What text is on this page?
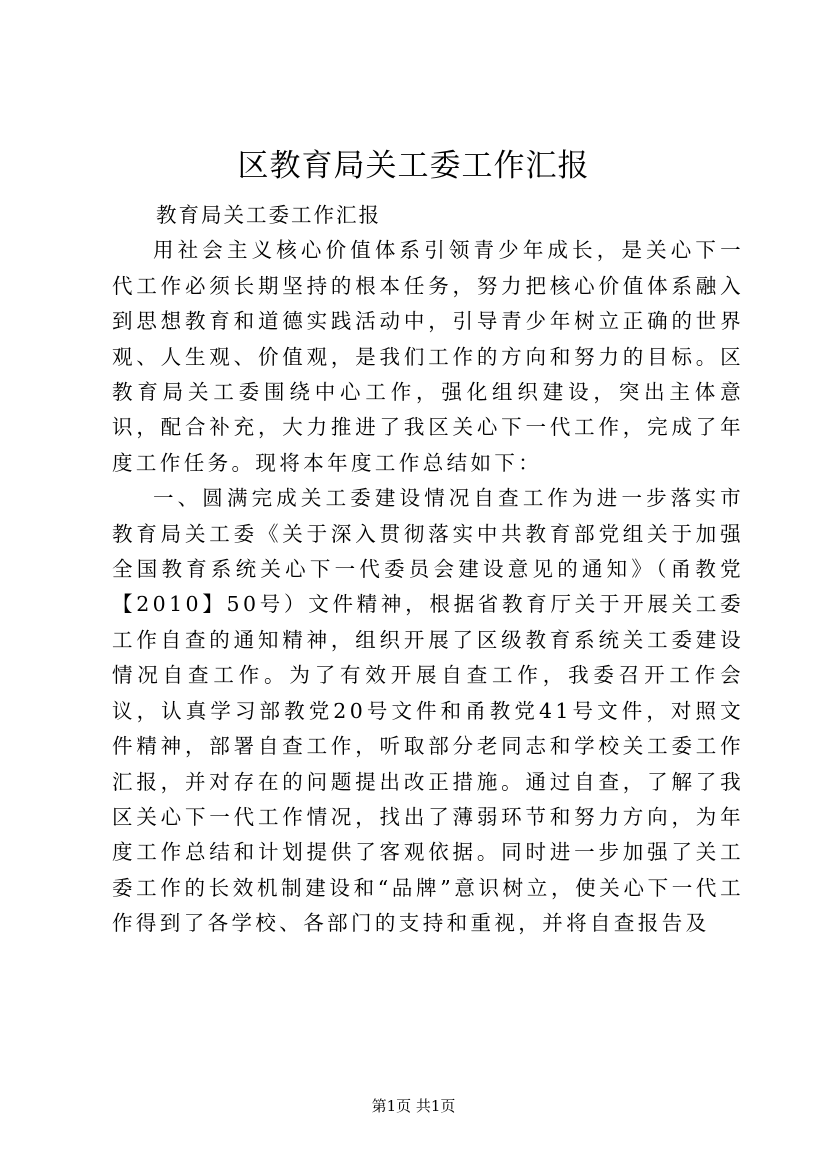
区教育局关工委工作汇报

教育局关工委工作汇报

用社会主义核心价值体系引领青少年成长，是关心下一代工作必须长期坚持的根本任务，努力把核心价值体系融入到思想教育和道德实践活动中，引导青少年树立正确的世界观、人生观、价值观，是我们工作的方向和努力的目标。区教育局关工委围绕中心工作，强化组织建设，突出主体意识，配合补充，大力推进了我区关心下一代工作，完成了年度工作任务。现将本年度工作总结如下：

一、圆满完成关工委建设情况自查工作为进一步落实市教育局关工委《关于深入贯彻落实中共教育部党组关于加强全国教育系统关心下一代委员会建设意见的通知》（甬教党【2010】50号）文件精神，根据省教育厅关于开展关工委工作自查的通知精神，组织开展了区级教育系统关工委建设情况自查工作。为了有效开展自查工作，我委召开工作会议，认真学习部教党20号文件和甬教党41号文件，对照文件精神，部署自查工作，听取部分老同志和学校关工委工作汇报，并对存在的问题提出改正措施。通过自查，了解了我区关心下一代工作情况，找出了薄弱环节和努力方向，为年度工作总结和计划提供了客观依据。同时进一步加强了关工委工作的长效机制建设和“品牌”意识树立，使关心下一代工作得到了各学校、各部门的支持和重视，并将自查报告及

第1页 共1页
